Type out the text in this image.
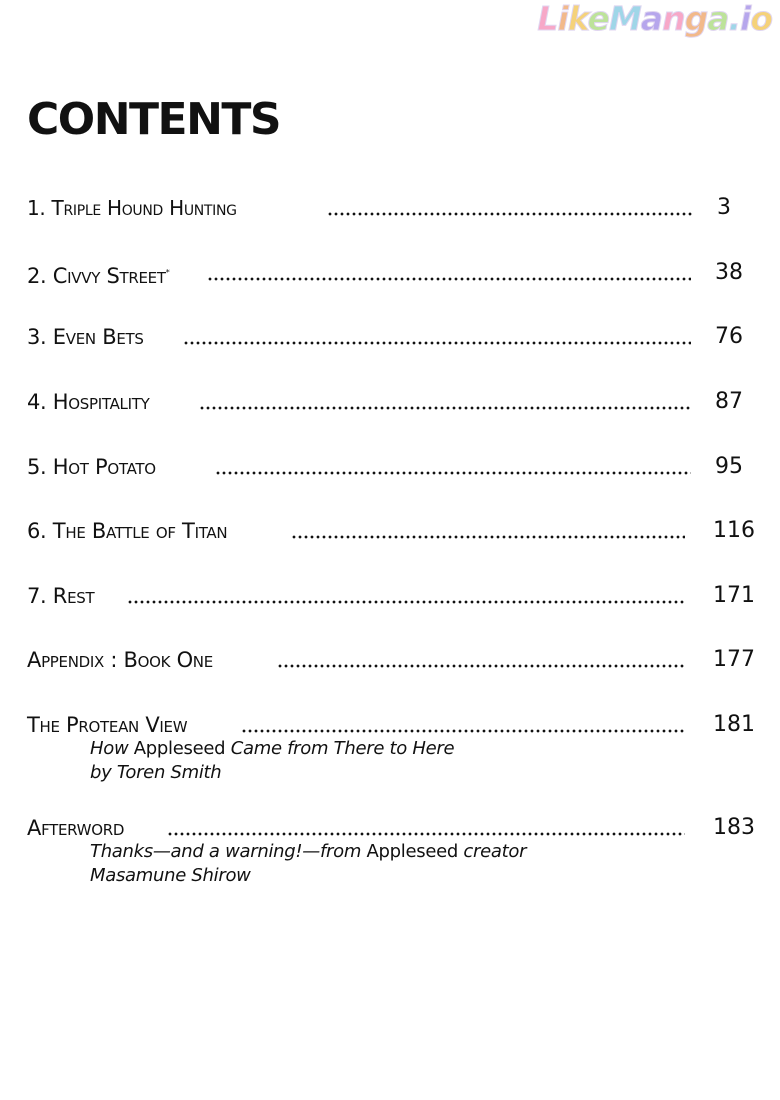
LikeManga.io
CONTENTS
1. Triple Hound Hunting	3
2. Civvy Street*	38
3. Even Bets	76
4. Hospitality	87
5. Hot Potato	95
6. The Battle of Titan	116
7. Rest	171
Appendix : Book One	177
The Protean View	181
How Appleseed Came from There to Here
by Toren Smith
Afterword	183
Thanks—and a warning!—from Appleseed creator
Masamune Shirow
